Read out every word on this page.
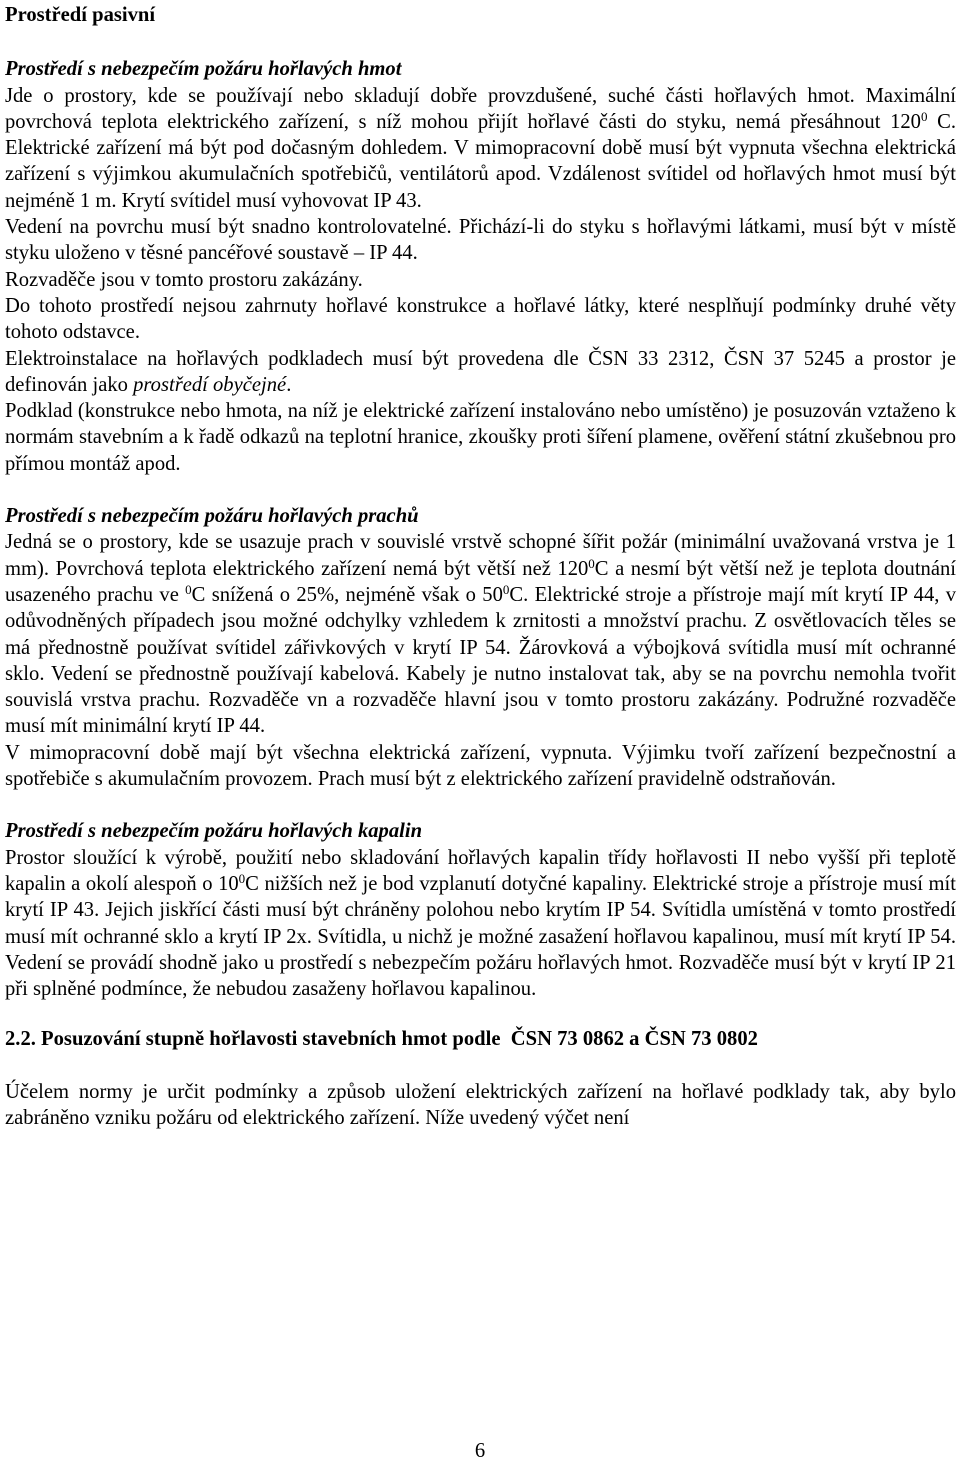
Prostředí pasivní

Prostředí s nebezpečím požáru hořlavých hmot

Jde o prostory, kde se používají nebo skladují dobře provzdušené, suché části hořlavých hmot. Maximální povrchová teplota elektrického zařízení, s níž mohou přijít hořlavé části do styku, nemá přesáhnout $120^0$ C. Elektrické zařízení má být pod dočasným dohledem. V mimopracovní době musí být vypnuta všechna elektrická zařízení s výjimkou akumulačních spotřebičů, ventilátorů apod. Vzdálenost svítidel od hořlavých hmot musí být nejméně 1 m. Krytí svítidel musí vyhovovat IP 43.

Vedení na povrchu musí být snadno kontrolovatelné. Přichází-li do styku s hořlavými látkami, musí být v místě styku uloženo v těsné pancéřové soustavě – IP 44.

Rozvaděče jsou v tomto prostoru zakázány.

Do tohoto prostředí nejsou zahrnuty hořlavé konstrukce a hořlavé látky, které nesplňují podmínky druhé věty tohoto odstavce.

Elektroinstalace na hořlavých podkladech musí být provedena dle ČSN 33 2312, ČSN 37 5245 a prostor je definován jako prostředí obyčejné.

Podklad (konstrukce nebo hmota, na níž je elektrické zařízení instalováno nebo umístěno) je posuzován vztaženo k normám stavebním a k řadě odkazů na teplotní hranice, zkoušky proti šíření plamene, ověření státní zkušebnou pro přímou montáž apod.

Prostředí s nebezpečím požáru hořlavých prachů

Jedná se o prostory, kde se usazuje prach v souvislé vrstvě schopné šířit požár (minimální uvažovaná vrstva je 1 mm). Povrchová teplota elektrického zařízení nemá být větší než $120^0C$ a nesmí být větší než je teplota doutnání usazeného prachu ve $^0$C snížená o 25%, nejméně však o $50^0C$. Elektrické stroje a přístroje mají mít krytí IP 44, v odůvodněných případech jsou možné odchylky vzhledem k zrnitosti a množství prachu. Z osvětlovacích těles se má přednostně používat svítidel zářivkových v krytí IP 54. Žárovková a výbojková svítidla musí mít ochranné sklo. Vedení se přednostně používají kabelová. Kabely je nutno instalovat tak, aby se na povrchu nemohla tvořit souvislá vrstva prachu. Rozvaděče vn a rozvaděče hlavní jsou v tomto prostoru zakázány. Podružné rozvaděče musí mít minimální krytí IP 44.

V mimopracovní době mají být všechna elektrická zařízení, vypnuta. Výjimku tvoří zařízení bezpečnostní a spotřebiče s akumulačním provozem. Prach musí být z elektrického zařízení pravidelně odstraňován.

Prostředí s nebezpečím požáru hořlavých kapalin

Prostor sloužící k výrobě, použití nebo skladování hořlavých kapalin třídy hořlavosti II nebo vyšší při teplotě kapalin a okolí alespoň o $10^0C$ nižších než je bod vzplanutí dotyčné kapaliny. Elektrické stroje a přístroje musí mít krytí IP 43. Jejich jiskřící části musí být chráněny polohou nebo krytím IP 54. Svítidla umístěná v tomto prostředí musí mít ochranné sklo a krytí IP 2x. Svítidla, u nichž je možné zasažení hořlavou kapalinou, musí mít krytí IP 54. Vedení se provádí shodně jako u prostředí s nebezpečím požáru hořlavých hmot. Rozvaděče musí být v krytí IP 21 při splněné podmínce, že nebudou zasaženy hořlavou kapalinou.

2.2. Posuzování stupně hořlavosti stavebních hmot podle  ČSN 73 0862 a ČSN 73 0802

Účelem normy je určit podmínky a způsob uložení elektrických zařízení na hořlavé podklady tak, aby bylo zabráněno vzniku požáru od elektrického zařízení. Níže uvedený výčet není

6
